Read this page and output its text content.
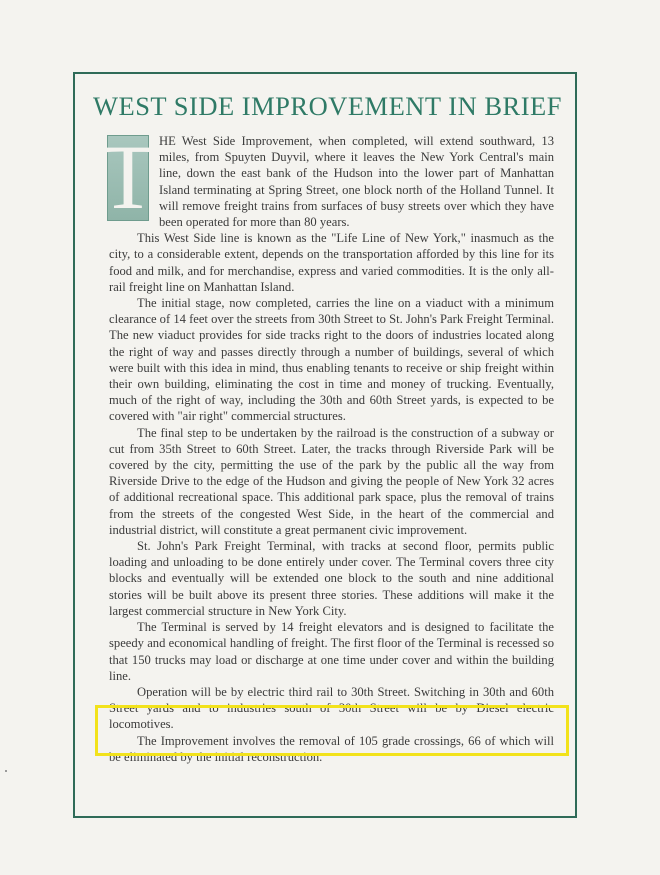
WEST SIDE IMPROVEMENT IN BRIEF

T HE West Side Improvement, when completed, will extend southward, 13 miles, from Spuyten Duyvil, where it leaves the New York Central's main line, down the east bank of the Hudson into the lower part of Manhattan Island terminating at Spring Street, one block north of the Holland Tunnel. It will remove freight trains from surfaces of busy streets over which they have been operated for more than 80 years.

This West Side line is known as the "Life Line of New York," inasmuch as the city, to a considerable extent, depends on the transportation afforded by this line for its food and milk, and for merchandise, express and varied commodities. It is the only all-rail freight line on Manhattan Island.

The initial stage, now completed, carries the line on a viaduct with a minimum clearance of 14 feet over the streets from 30th Street to St. John's Park Freight Terminal. The new viaduct provides for side tracks right to the doors of industries located along the right of way and passes directly through a number of buildings, several of which were built with this idea in mind, thus enabling tenants to receive or ship freight within their own building, eliminating the cost in time and money of trucking. Eventually, much of the right of way, including the 30th and 60th Street yards, is expected to be covered with "air right" commercial structures.

The final step to be undertaken by the railroad is the construction of a subway or cut from 35th Street to 60th Street. Later, the tracks through Riverside Park will be covered by the city, permitting the use of the park by the public all the way from Riverside Drive to the edge of the Hudson and giving the people of New York 32 acres of additional recreational space. This additional park space, plus the removal of trains from the streets of the congested West Side, in the heart of the commercial and industrial district, will constitute a great permanent civic improvement.

St. John's Park Freight Terminal, with tracks at second floor, permits public loading and unloading to be done entirely under cover. The Terminal covers three city blocks and eventually will be extended one block to the south and nine additional stories will be built above its present three stories. These additions will make it the largest commercial structure in New York City.

The Terminal is served by 14 freight elevators and is designed to facilitate the speedy and economical handling of freight. The first floor of the Terminal is recessed so that 150 trucks may load or discharge at one time under cover and within the building line.

Operation will be by electric third rail to 30th Street. Switching in 30th and 60th Street yards and to industries south of 30th Street will be by Diesel electric locomotives.

The Improvement involves the removal of 105 grade crossings, 66 of which will be eliminated by the initial reconstruction.
